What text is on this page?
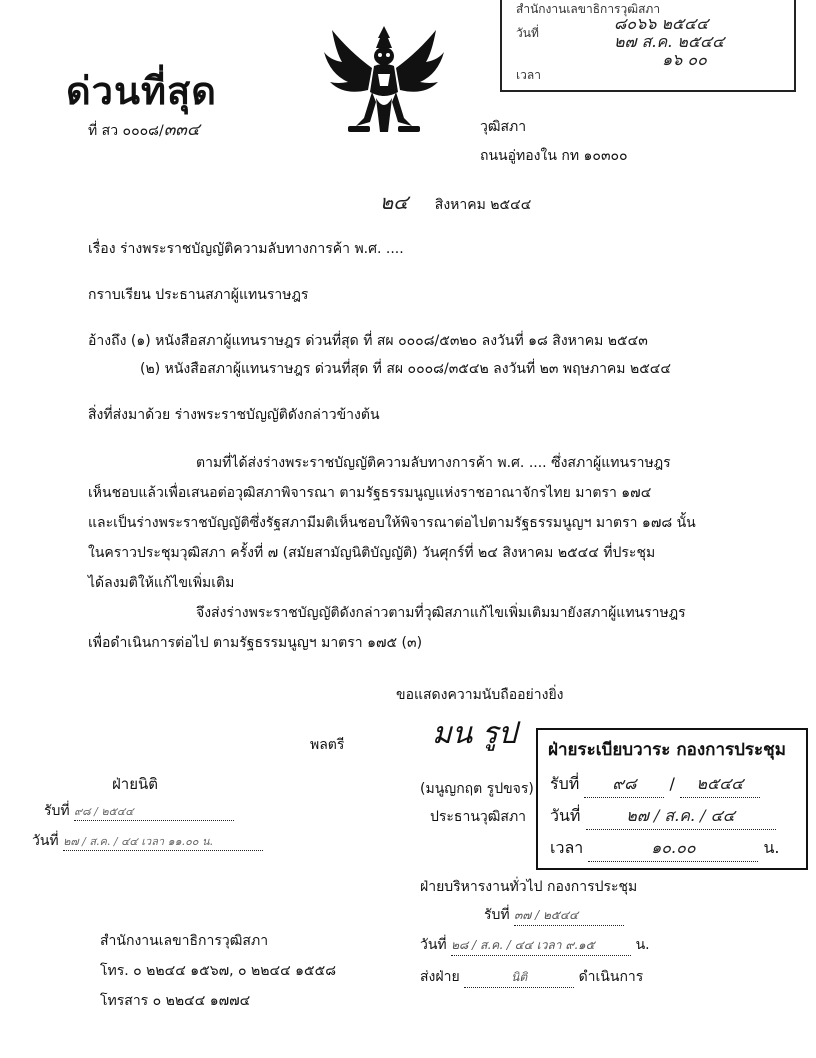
สำนักงานเลขาธิการวุฒิสภา
๘๐๖๖ ๒๕๔๔
วันที่	๒๗ ส.ค. ๒๕๔๔
๑๖ ๐๐
เวลา
ด่วนที่สุด
ที่ สว ๐๐๐๘/๓๓๔	วุฒิสภา
ถนนอู่ทองใน กท ๑๐๓๐๐
๒๔ สิงหาคม ๒๕๔๔
เรื่อง ร่างพระราชบัญญัติความลับทางการค้า พ.ศ. ....
กราบเรียน ประธานสภาผู้แทนราษฎร
อ้างถึง (๑) หนังสือสภาผู้แทนราษฎร ด่วนที่สุด ที่ สผ ๐๐๐๘/๕๓๒๐ ลงวันที่ ๑๘ สิงหาคม ๒๕๔๓
(๒) หนังสือสภาผู้แทนราษฎร ด่วนที่สุด ที่ สผ ๐๐๐๘/๓๕๔๒ ลงวันที่ ๒๓ พฤษภาคม ๒๕๔๔
สิ่งที่ส่งมาด้วย ร่างพระราชบัญญัติดังกล่าวข้างต้น
ตามที่ได้ส่งร่างพระราชบัญญัติความลับทางการค้า พ.ศ. .... ซึ่งสภาผู้แทนราษฎร
เห็นชอบแล้วเพื่อเสนอต่อวุฒิสภาพิจารณา ตามรัฐธรรมนูญแห่งราชอาณาจักรไทย มาตรา ๑๗๔
และเป็นร่างพระราชบัญญัติซึ่งรัฐสภามีมติเห็นชอบให้พิจารณาต่อไปตามรัฐธรรมนูญฯ มาตรา ๑๗๘ นั้น
ในคราวประชุมวุฒิสภา ครั้งที่ ๗ (สมัยสามัญนิติบัญญัติ) วันศุกร์ที่ ๒๔ สิงหาคม ๒๕๔๔ ที่ประชุม
ได้ลงมติให้แก้ไขเพิ่มเติม
จึงส่งร่างพระราชบัญญัติดังกล่าวตามที่วุฒิสภาแก้ไขเพิ่มเติมมายังสภาผู้แทนราษฎร
เพื่อดำเนินการต่อไป ตามรัฐธรรมนูญฯ มาตรา ๑๗๕ (๓)
ขอแสดงความนับถืออย่างยิ่ง
พลตรี	มน รูป
(มนูญกฤต รูปขจร)
ประธานวุฒิสภา
ฝ่ายระเบียบวาระ กองการประชุม
รับที่ ๙๘ / ๒๕๔๔
วันที่	๒๗ / ส.ค. / ๔๔
เวลา	๑๐.๐๐	น.
ฝ่ายนิติ
รับที่ ๙๘ / ๒๕๔๔
วันที่ ๒๗ / ส.ค. / ๔๔ เวลา ๑๑.๐๐ น.
ฝ่ายบริหารงานทั่วไป กองการประชุม
รับที่ ๓๗ / ๒๕๔๔
วันที่ ๒๘ / ส.ค. / ๔๔ เวลา ๙.๑๕	น.
ส่งฝ่าย	นิติ	ดำเนินการ
สำนักงานเลขาธิการวุฒิสภา
โทร. ๐ ๒๒๔๔ ๑๕๖๗, ๐ ๒๒๔๔ ๑๕๕๘
โทรสาร ๐ ๒๒๔๔ ๑๗๗๔
